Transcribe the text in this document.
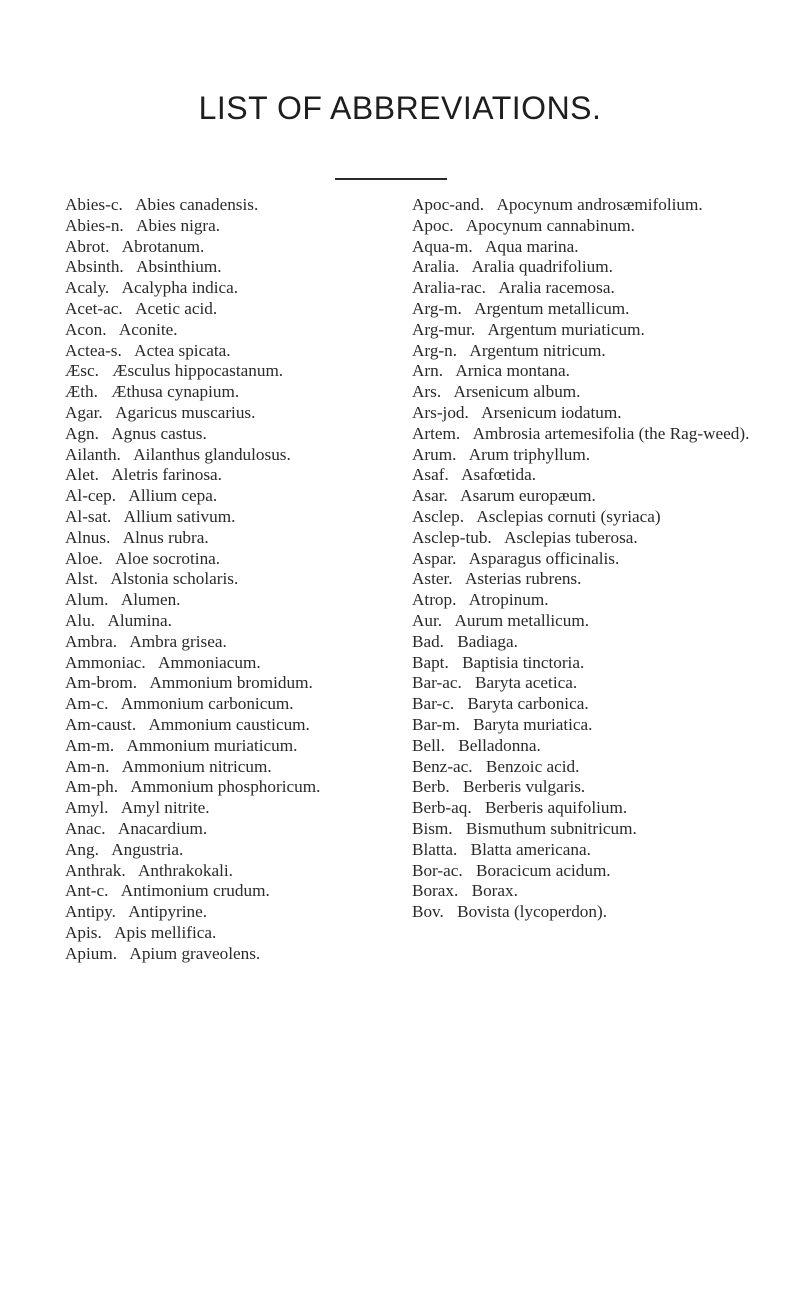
LIST OF ABBREVIATIONS.
Abies-c. Abies canadensis.
Abies-n. Abies nigra.
Abrot. Abrotanum.
Absinth. Absinthium.
Acaly. Acalypha indica.
Acet-ac. Acetic acid.
Acon. Aconite.
Actea-s. Actea spicata.
Æsc. Æsculus hippocastanum.
Æth. Æthusa cynapium.
Agar. Agaricus muscarius.
Agn. Agnus castus.
Ailanth. Ailanthus glandulosus.
Alet. Aletris farinosa.
Al-cep. Allium cepa.
Al-sat. Allium sativum.
Alnus. Alnus rubra.
Aloe. Aloe socrotina.
Alst. Alstonia scholaris.
Alum. Alumen.
Alu. Alumina.
Ambra. Ambra grisea.
Ammoniac. Ammoniacum.
Am-brom. Ammonium bromidum.
Am-c. Ammonium carbonicum.
Am-caust. Ammonium causticum.
Am-m. Ammonium muriaticum.
Am-n. Ammonium nitricum.
Am-ph. Ammonium phosphoricum.
Amyl. Amyl nitrite.
Anac. Anacardium.
Ang. Angustria.
Anthrak. Anthrakokali.
Ant-c. Antimonium crudum.
Antipy. Antipyrine.
Apis. Apis mellifica.
Apium. Apium graveolens.
Apoc-and. Apocynum androsæmifolium.
Apoc. Apocynum cannabinum.
Aqua-m. Aqua marina.
Aralia. Aralia quadrifolium.
Aralia-rac. Aralia racemosa.
Arg-m. Argentum metallicum.
Arg-mur. Argentum muriaticum.
Arg-n. Argentum nitricum.
Arn. Arnica montana.
Ars. Arsenicum album.
Ars-jod. Arsenicum iodatum.
Artem. Ambrosia artemesifolia (the Rag-weed).
Arum. Arum triphyllum.
Asaf. Asafœtida.
Asar. Asarum europæum.
Asclep. Asclepias cornuti (syriaca)
Asclep-tub. Asclepias tuberosa.
Aspar. Asparagus officinalis.
Aster. Asterias rubrens.
Atrop. Atropinum.
Aur. Aurum metallicum.
Bad. Badiaga.
Bapt. Baptisia tinctoria.
Bar-ac. Baryta acetica.
Bar-c. Baryta carbonica.
Bar-m. Baryta muriatica.
Bell. Belladonna.
Benz-ac. Benzoic acid.
Berb. Berberis vulgaris.
Berb-aq. Berberis aquifolium.
Bism. Bismuthum subnitricum.
Blatta. Blatta americana.
Bor-ac. Boracicum acidum.
Borax. Borax.
Bov. Bovista (lycoperdon).
